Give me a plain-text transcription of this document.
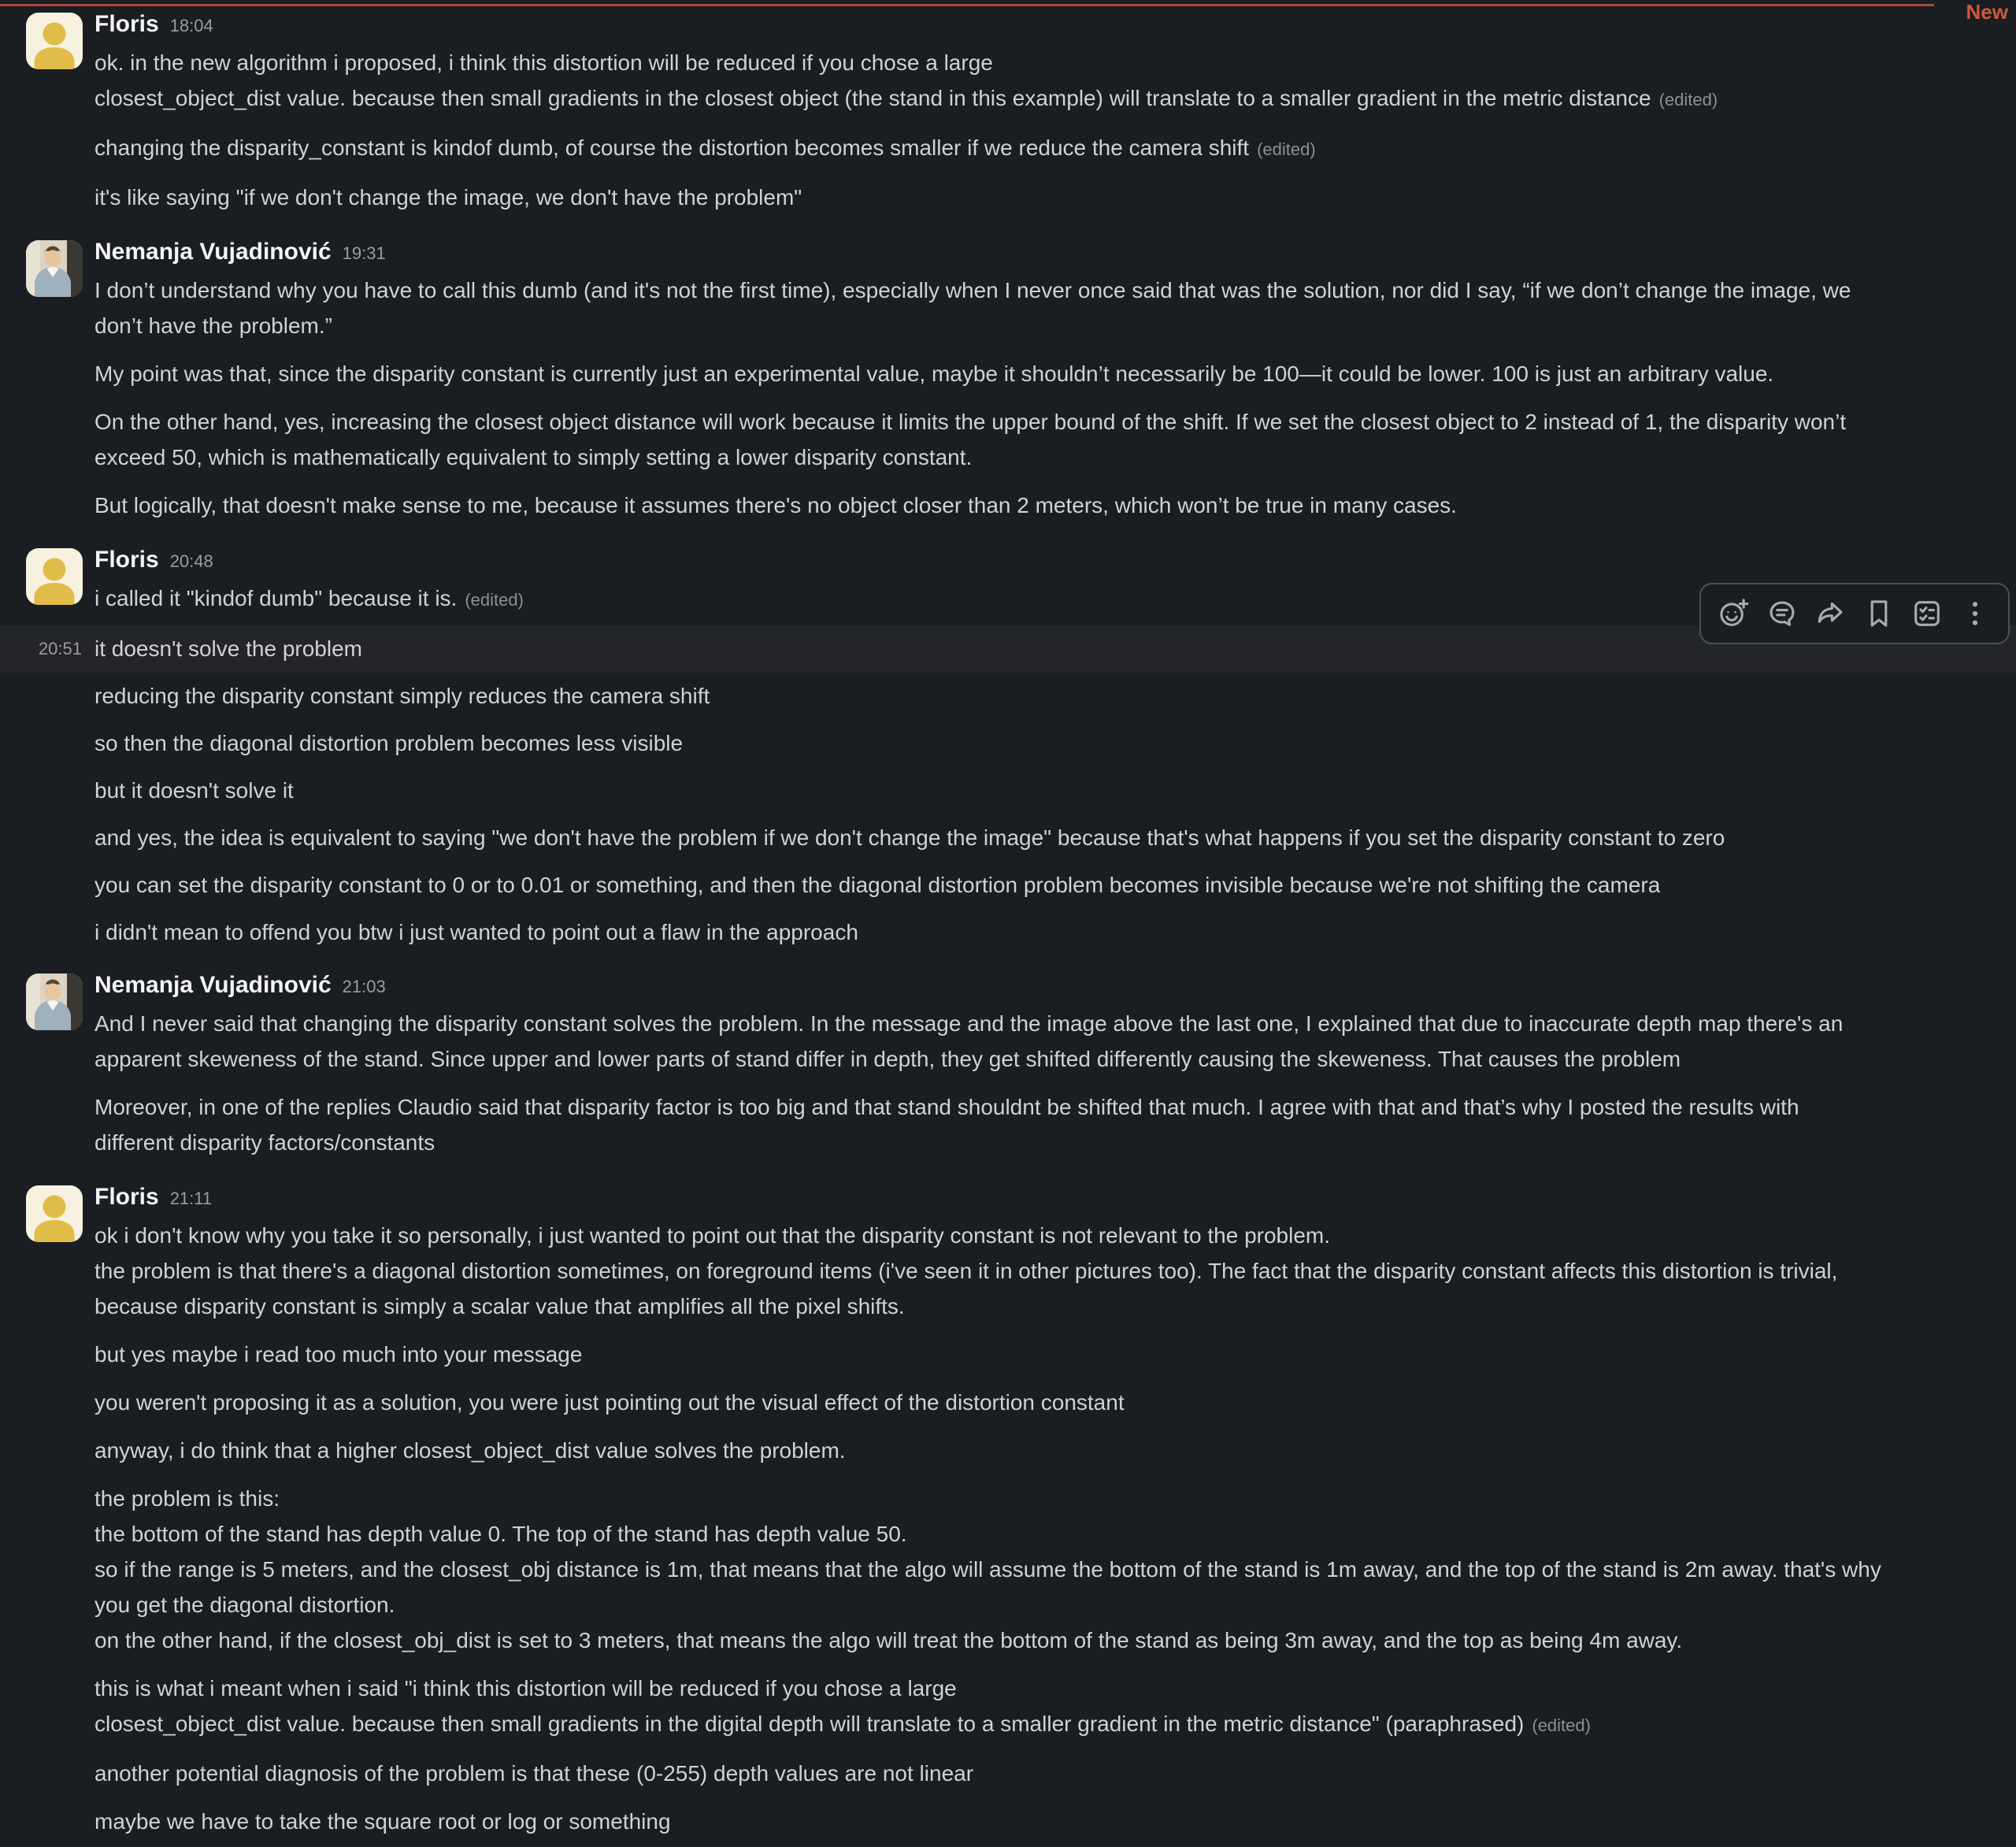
New
Floris 18:04
ok. in the new algorithm i proposed, i think this distortion will be reduced if you chose a large
closest_object_dist value. because then small gradients in the closest object (the stand in this example) will translate to a smaller gradient in the metric distance (edited)
changing the disparity_constant is kindof dumb, of course the distortion becomes smaller if we reduce the camera shift (edited)
it's like saying "if we don't change the image, we don't have the problem"
Nemanja Vujadinović 19:31
I don’t understand why you have to call this dumb (and it's not the first time), especially when I never once said that was the solution, nor did I say, “if we don’t change the image, we
don’t have the problem.”
My point was that, since the disparity constant is currently just an experimental value, maybe it shouldn’t necessarily be 100—it could be lower. 100 is just an arbitrary value.
On the other hand, yes, increasing the closest object distance will work because it limits the upper bound of the shift. If we set the closest object to 2 instead of 1, the disparity won’t
exceed 50, which is mathematically equivalent to simply setting a lower disparity constant.
But logically, that doesn't make sense to me, because it assumes there's no object closer than 2 meters, which won’t be true in many cases.
Floris 20:48
i called it "kindof dumb" because it is. (edited)
20:51 it doesn't solve the problem
reducing the disparity constant simply reduces the camera shift
so then the diagonal distortion problem becomes less visible
but it doesn't solve it
and yes, the idea is equivalent to saying "we don't have the problem if we don't change the image" because that's what happens if you set the disparity constant to zero
you can set the disparity constant to 0 or to 0.01 or something, and then the diagonal distortion problem becomes invisible because we're not shifting the camera
i didn't mean to offend you btw i just wanted to point out a flaw in the approach
Nemanja Vujadinović 21:03
And I never said that changing the disparity constant solves the problem. In the message and the image above the last one, I explained that due to inaccurate depth map there's an
apparent skeweness of the stand. Since upper and lower parts of stand differ in depth, they get shifted differently causing the skeweness. That causes the problem
Moreover, in one of the replies Claudio said that disparity factor is too big and that stand shouldnt be shifted that much. I agree with that and that’s why I posted the results with
different disparity factors/constants
Floris 21:11
ok i don't know why you take it so personally, i just wanted to point out that the disparity constant is not relevant to the problem.
the problem is that there's a diagonal distortion sometimes, on foreground items (i've seen it in other pictures too). The fact that the disparity constant affects this distortion is trivial,
because disparity constant is simply a scalar value that amplifies all the pixel shifts.
but yes maybe i read too much into your message
you weren't proposing it as a solution, you were just pointing out the visual effect of the distortion constant
anyway, i do think that a higher closest_object_dist value solves the problem.
the problem is this:
the bottom of the stand has depth value 0. The top of the stand has depth value 50.
so if the range is 5 meters, and the closest_obj distance is 1m, that means that the algo will assume the bottom of the stand is 1m away, and the top of the stand is 2m away. that's why
you get the diagonal distortion.
on the other hand, if the closest_obj_dist is set to 3 meters, that means the algo will treat the bottom of the stand as being 3m away, and the top as being 4m away.
this is what i meant when i said "i think this distortion will be reduced if you chose a large
closest_object_dist value. because then small gradients in the digital depth will translate to a smaller gradient in the metric distance" (paraphrased) (edited)
another potential diagnosis of the problem is that these (0-255) depth values are not linear
maybe we have to take the square root or log or something
